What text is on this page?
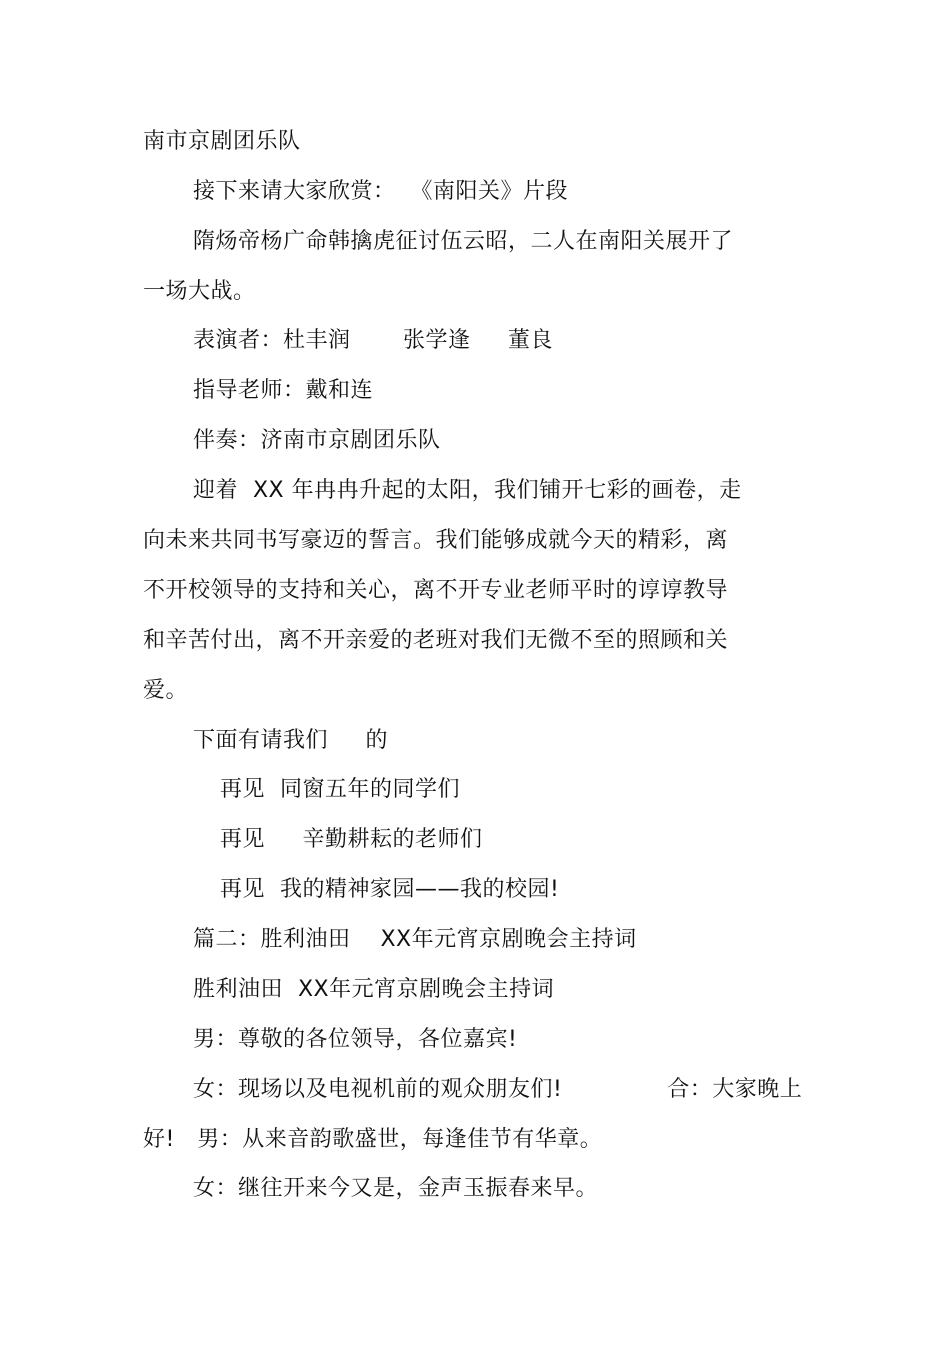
南市京剧团乐队
接下来请大家欣赏：  《南阳关》片段
隋炀帝杨广命韩擒虎征讨伍云昭，二人在南阳关展开了
一场大战。
表演者：杜丰润       张学逢     董良
指导老师：戴和连
伴奏：济南市京剧团乐队
迎着  XX 年冉冉升起的太阳，我们铺开七彩的画卷，走
向未来共同书写豪迈的誓言。我们能够成就今天的精彩，离
不开校领导的支持和关心，离不开专业老师平时的谆谆教导
和辛苦付出，离不开亲爱的老班对我们无微不至的照顾和关
爱。
下面有请我们     的
再见  同窗五年的同学们
再见     辛勤耕耘的老师们
再见  我的精神家园——我的校园!
篇二：胜利油田    XX年元宵京剧晚会主持词
胜利油田  XX年元宵京剧晚会主持词
男：尊敬的各位领导，各位嘉宾!
女：现场以及电视机前的观众朋友们!              合：大家晚上
好!   男：从来音韵歌盛世，每逢佳节有华章。
女：继往开来今又是，金声玉振春来早。
